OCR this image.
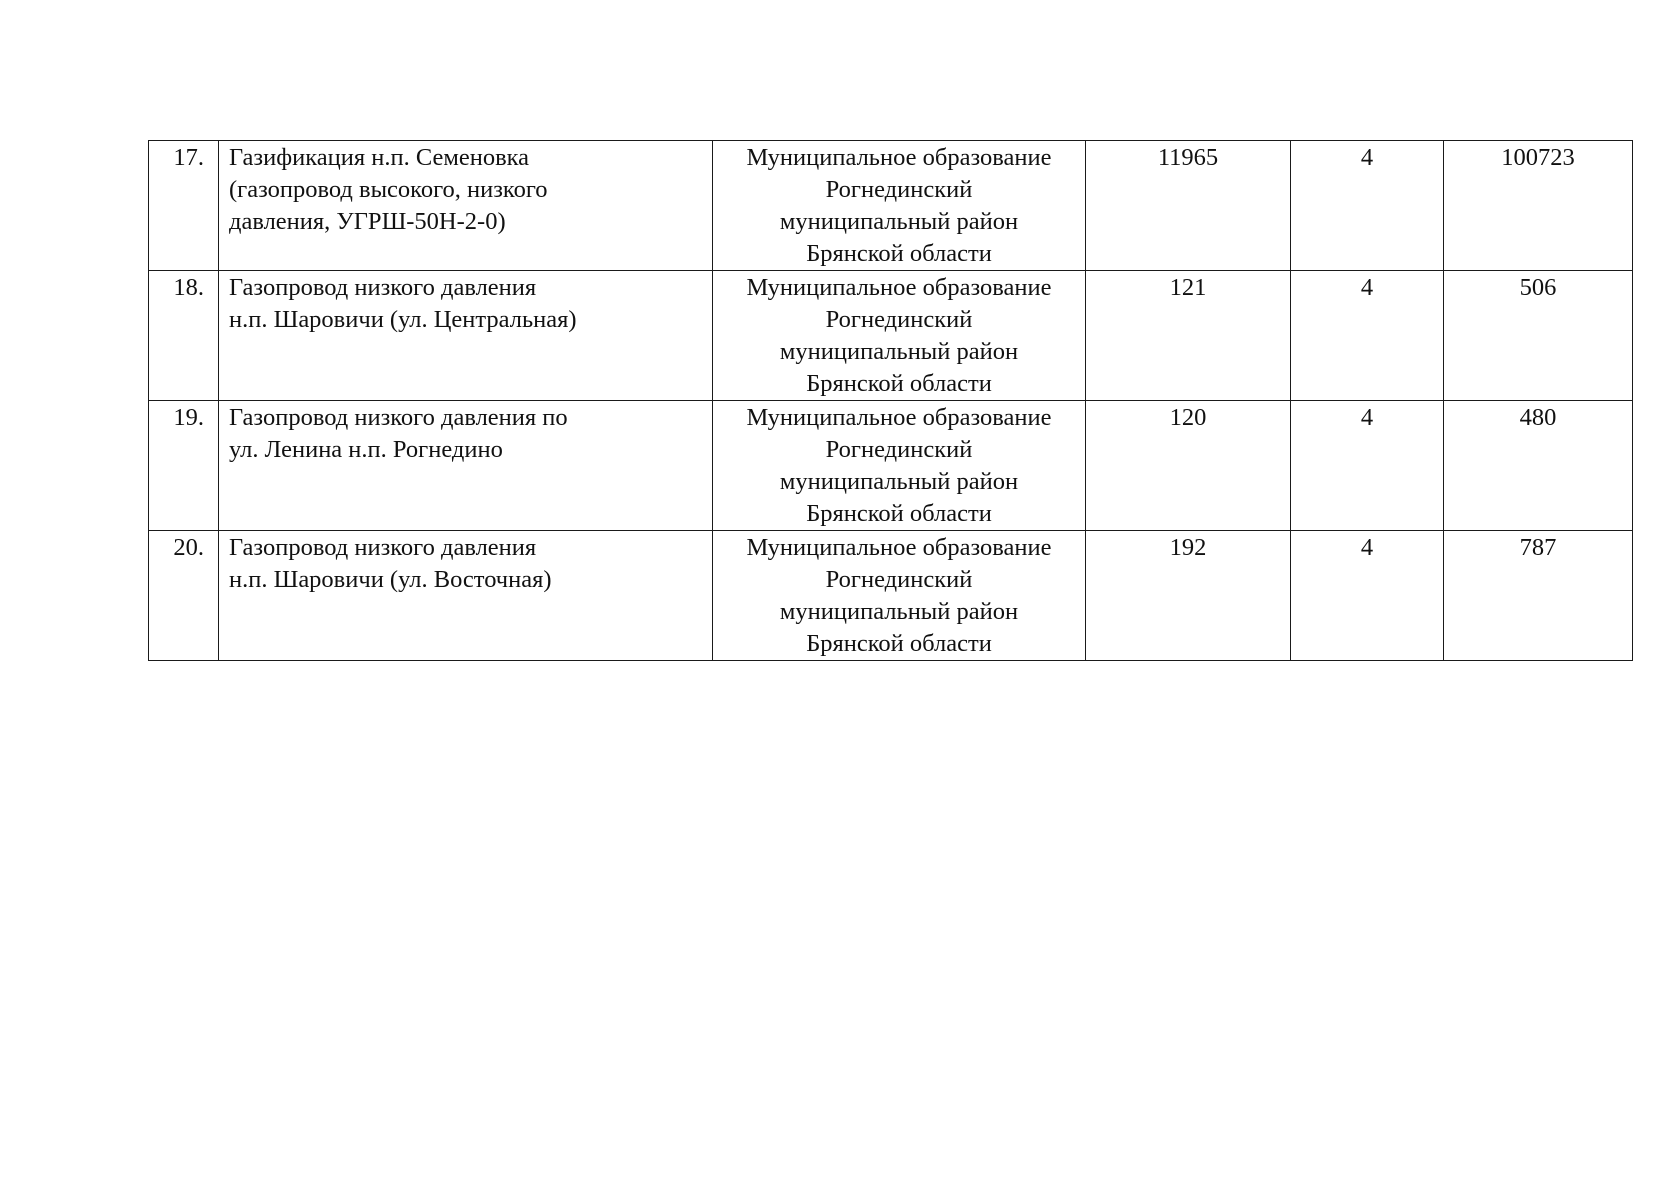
17.	Газификация н.п. Семеновка
(газопровод высокого, низкого
давления, УГРШ-50Н-2-0)	Муниципальное образование
Рогнединский
муниципальный район
Брянской области	11965	4	100723
18.	Газопровод низкого давления
н.п. Шаровичи (ул. Центральная)	Муниципальное образование
Рогнединский
муниципальный район
Брянской области	121	4	506
19.	Газопровод низкого давления по
ул. Ленина н.п. Рогнедино	Муниципальное образование
Рогнединский
муниципальный район
Брянской области	120	4	480
20.	Газопровод низкого давления
н.п. Шаровичи (ул. Восточная)	Муниципальное образование
Рогнединский
муниципальный район
Брянской области	192	4	787
